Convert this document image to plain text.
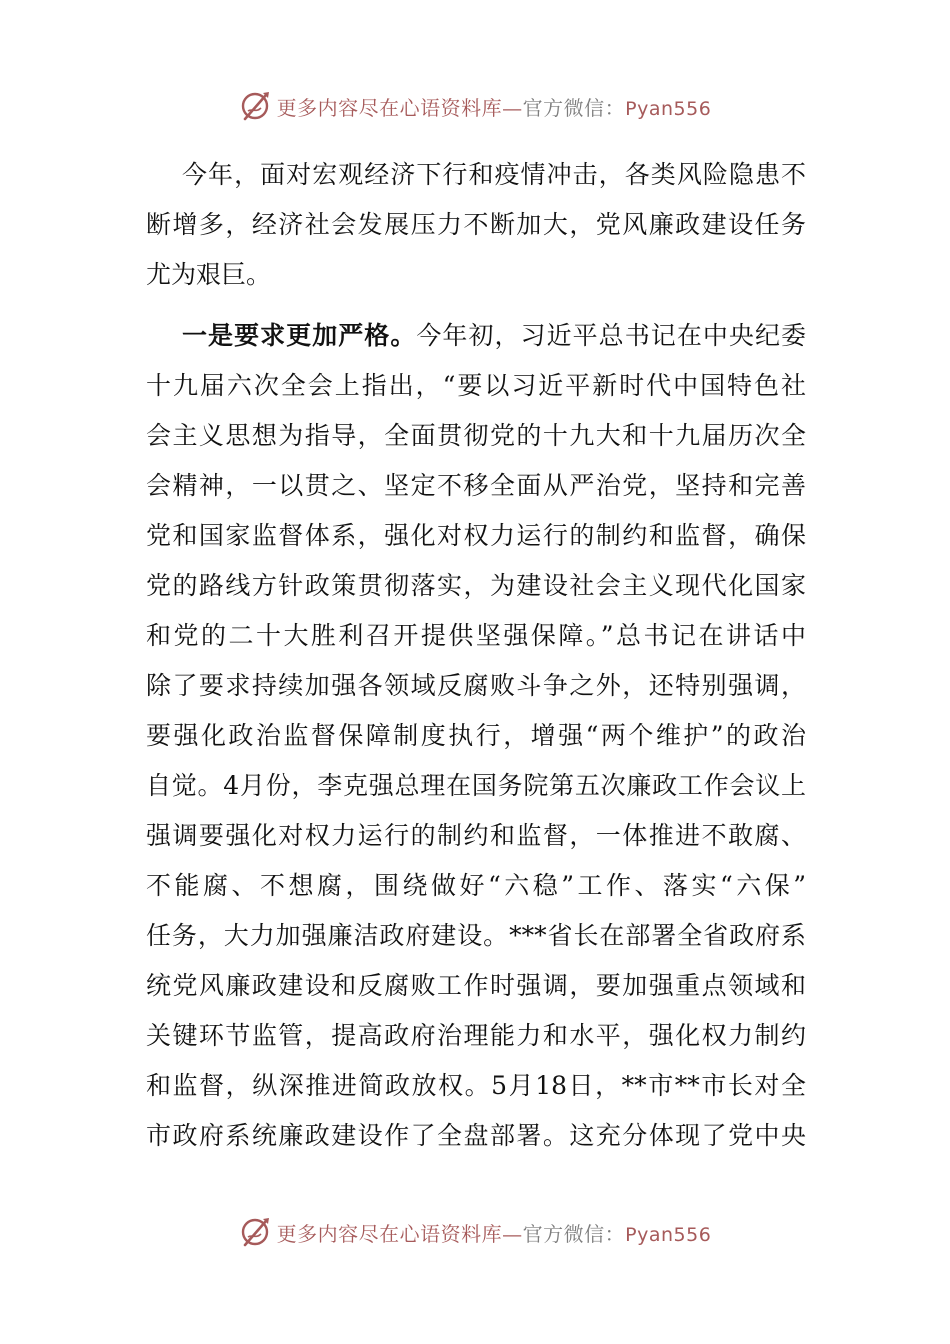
更多内容尽在心语资料库—官方微信：Pyan556
今年，面对宏观经济下行和疫情冲击，各类风险隐患不
断增多，经济社会发展压力不断加大，党风廉政建设任务
尤为艰巨。
一是要求更加严格。今年初，习近平总书记在中央纪委
十九届六次全会上指出，“要以习近平新时代中国特色社
会主义思想为指导，全面贯彻党的十九大和十九届历次全
会精神，一以贯之、坚定不移全面从严治党，坚持和完善
党和国家监督体系，强化对权力运行的制约和监督，确保
党的路线方针政策贯彻落实，为建设社会主义现代化国家
和党的二十大胜利召开提供坚强保障。”总书记在讲话中
除了要求持续加强各领域反腐败斗争之外，还特别强调，
要强化政治监督保障制度执行，增强“两个维护”的政治
自觉。4月份，李克强总理在国务院第五次廉政工作会议上
强调要强化对权力运行的制约和监督，一体推进不敢腐、
不能腐、不想腐，围绕做好“六稳”工作、落实“六保”
任务，大力加强廉洁政府建设。***省长在部署全省政府系
统党风廉政建设和反腐败工作时强调，要加强重点领域和
关键环节监管，提高政府治理能力和水平，强化权力制约
和监督，纵深推进简政放权。5月18日，**市**市长对全
市政府系统廉政建设作了全盘部署。这充分体现了党中央
更多内容尽在心语资料库—官方微信：Pyan556
